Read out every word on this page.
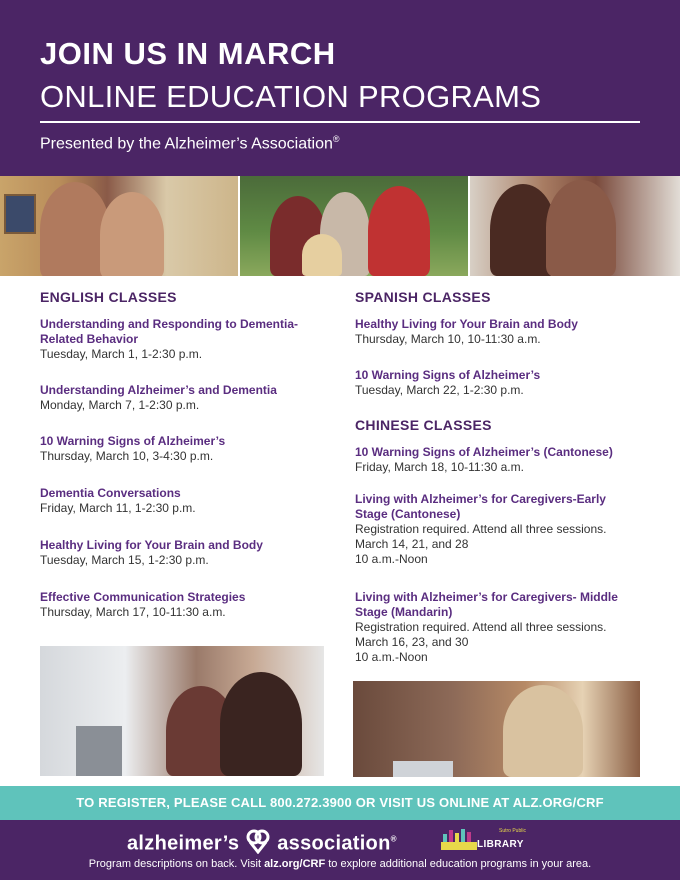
JOIN US IN MARCH
ONLINE EDUCATION PROGRAMS
Presented by the Alzheimer’s Association®
ENGLISH CLASSES
Understanding and Responding to Dementia-Related Behavior
Tuesday, March 1, 1-2:30 p.m.
Understanding Alzheimer’s and Dementia
Monday, March 7, 1-2:30 p.m.
10 Warning Signs of Alzheimer’s
Thursday, March 10, 3-4:30 p.m.
Dementia Conversations
Friday, March 11, 1-2:30 p.m.
Healthy Living for Your Brain and Body
Tuesday, March 15, 1-2:30 p.m.
Effective Communication Strategies
Thursday, March 17, 10-11:30 a.m.
SPANISH CLASSES
Healthy Living for Your Brain and Body
Thursday, March 10, 10-11:30 a.m.
10 Warning Signs of Alzheimer’s
Tuesday, March 22, 1-2:30 p.m.
CHINESE CLASSES
10 Warning Signs of Alzheimer’s (Cantonese)
Friday, March 18, 10-11:30 a.m.
Living with Alzheimer’s for Caregivers-Early Stage (Cantonese)
Registration required. Attend all three sessions.
March 14, 21, and 28
10 a.m.-Noon
Living with Alzheimer’s for Caregivers- Middle Stage (Mandarin)
Registration required. Attend all three sessions.
March 16, 23, and 30
10 a.m.-Noon
TO REGISTER, PLEASE CALL 800.272.3900 OR VISIT US ONLINE AT ALZ.ORG/CRF
alzheimer’s association®
Sutro Public
LIBRARY
Program descriptions on back. Visit alz.org/CRF to explore additional education programs in your area.
